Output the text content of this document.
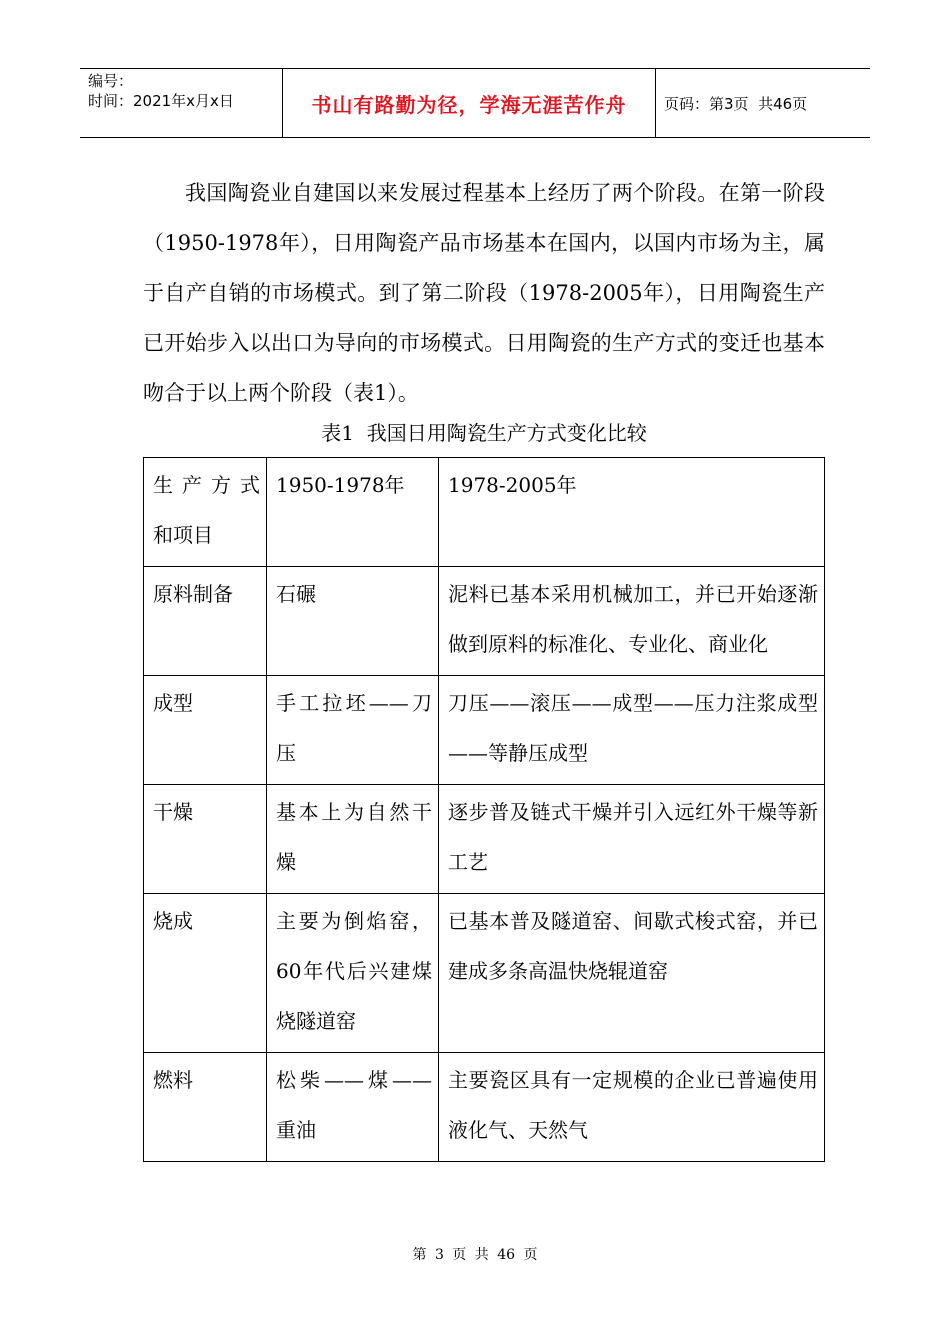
编号：
时间：2021年x月x日	书山有路勤为径，学海无涯苦作舟	页码：第3页  共46页
我国陶瓷业自建国以来发展过程基本上经历了两个阶段。在第一阶段（1950-1978年），日用陶瓷产品市场基本在国内，以国内市场为主，属于自产自销的市场模式。到了第二阶段（1978-2005年），日用陶瓷生产已开始步入以出口为导向的市场模式。日用陶瓷的生产方式的变迁也基本吻合于以上两个阶段（表1）。
表1  我国日用陶瓷生产方式变化比较
生 产 方 式和项目	1950-1978年	1978-2005年
原料制备	石碾	泥料已基本采用机械加工，并已开始逐渐做到原料的标准化、专业化、商业化
成型	手工拉坯——刀压	刀压——滚压——成型——压力注浆成型——等静压成型
干燥	基本上为自然干燥	逐步普及链式干燥并引入远红外干燥等新工艺
烧成	主要为倒焰窑，60年代后兴建煤烧隧道窑	已基本普及隧道窑、间歇式梭式窑，并已建成多条高温快烧辊道窑
燃料	松柴——煤——重油	主要瓷区具有一定规模的企业已普遍使用液化气、天然气
第 3 页 共 46 页
